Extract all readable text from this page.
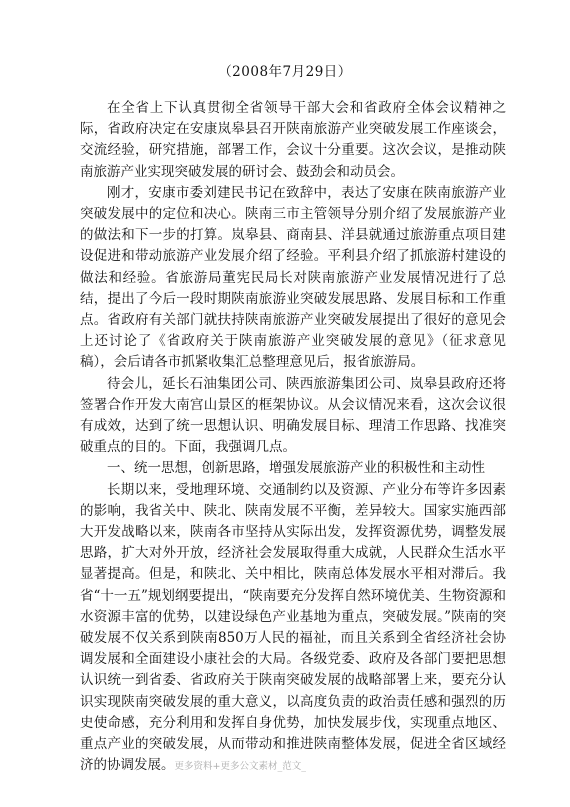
（2008年7月29日）

在全省上下认真贯彻全省领导干部大会和省政府全体会议精神之际，省政府决定在安康岚皋县召开陕南旅游产业突破发展工作座谈会，交流经验，研究措施，部署工作，会议十分重要。这次会议，是推动陕南旅游产业实现突破发展的研讨会、鼓劲会和动员会。

刚才，安康市委刘建民书记在致辞中，表达了安康在陕南旅游产业突破发展中的定位和决心。陕南三市主管领导分别介绍了发展旅游产业的做法和下一步的打算。岚皋县、商南县、洋县就通过旅游重点项目建设促进和带动旅游产业发展介绍了经验。平利县介绍了抓旅游村建设的做法和经验。省旅游局董宪民局长对陕南旅游产业发展情况进行了总结，提出了今后一段时期陕南旅游业突破发展思路、发展目标和工作重点。省政府有关部门就扶持陕南旅游产业突破发展提出了很好的意见会上还讨论了《省政府关于陕南旅游产业突破发展的意见》（征求意见稿），会后请各市抓紧收集汇总整理意见后，报省旅游局。

待会儿，延长石油集团公司、陕西旅游集团公司、岚皋县政府还将签署合作开发大南宫山景区的框架协议。从会议情况来看，这次会议很有成效，达到了统一思想认识、明确发展目标、理清工作思路、找准突破重点的目的。下面，我强调几点。

一、统一思想，创新思路，增强发展旅游产业的积极性和主动性

长期以来，受地理环境、交通制约以及资源、产业分布等许多因素的影响，我省关中、陕北、陕南发展不平衡，差异较大。国家实施西部大开发战略以来，陕南各市坚持从实际出发，发挥资源优势，调整发展思路，扩大对外开放，经济社会发展取得重大成就，人民群众生活水平显著提高。但是，和陕北、关中相比，陕南总体发展水平相对滞后。我省“十一五”规划纲要提出，“陕南要充分发挥自然环境优美、生物资源和水资源丰富的优势，以建设绿色产业基地为重点，突破发展。”陕南的突破发展不仅关系到陕南850万人民的福祉，而且关系到全省经济社会协调发展和全面建设小康社会的大局。各级党委、政府及各部门要把思想认识统一到省委、省政府关于陕南突破发展的战略部署上来，要充分认识实现陕南突破发展的重大意义，以高度负责的政治责任感和强烈的历史使命感，充分利用和发挥自身优势，加快发展步伐，实现重点地区、重点产业的突破发展，从而带动和推进陕南整体发展，促进全省区域经济的协调发展。更多资料+更多公文素材_范文_
